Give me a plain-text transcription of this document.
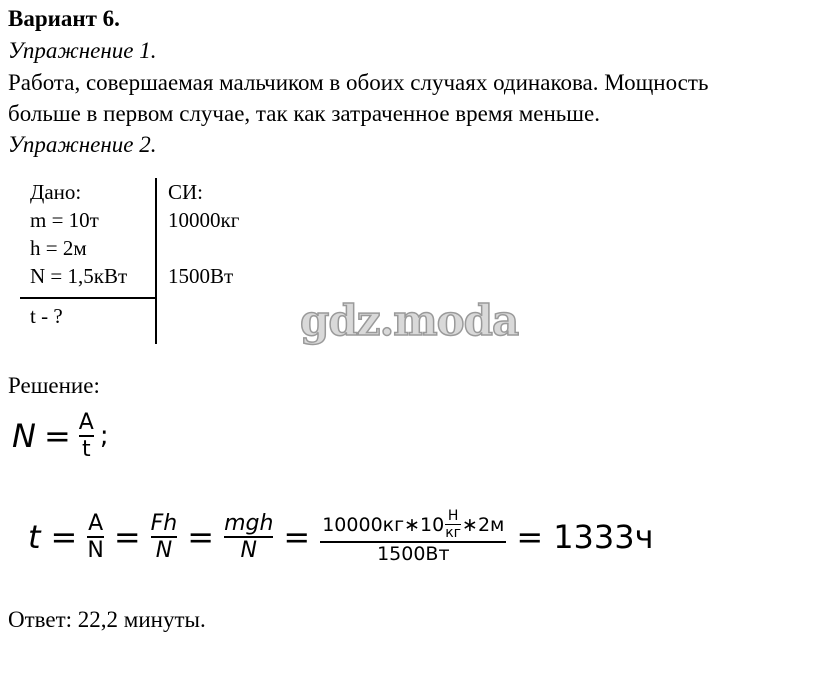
Вариант 6.
Упражнение 1.
Работа, совершаемая мальчиком в обоих случаях одинакова. Мощность
больше в первом случае, так как затраченное время меньше.
Упражнение 2.
Дано:	СИ:
m = 10т	10000кг
h = 2м
N = 1,5кВт 1500Вт
t - ?	gdz.moda
Решение:
$N = \frac{A}{t}$ ;
$t = \frac{A}{N} = \frac{Fh}{N} = \frac{\text{mgh}}{N}$ = 10000кг∗10 $\frac{Н}{кг}$ ∗2м
1500Вт = 1333ч
Ответ: 22,2 минуты.
